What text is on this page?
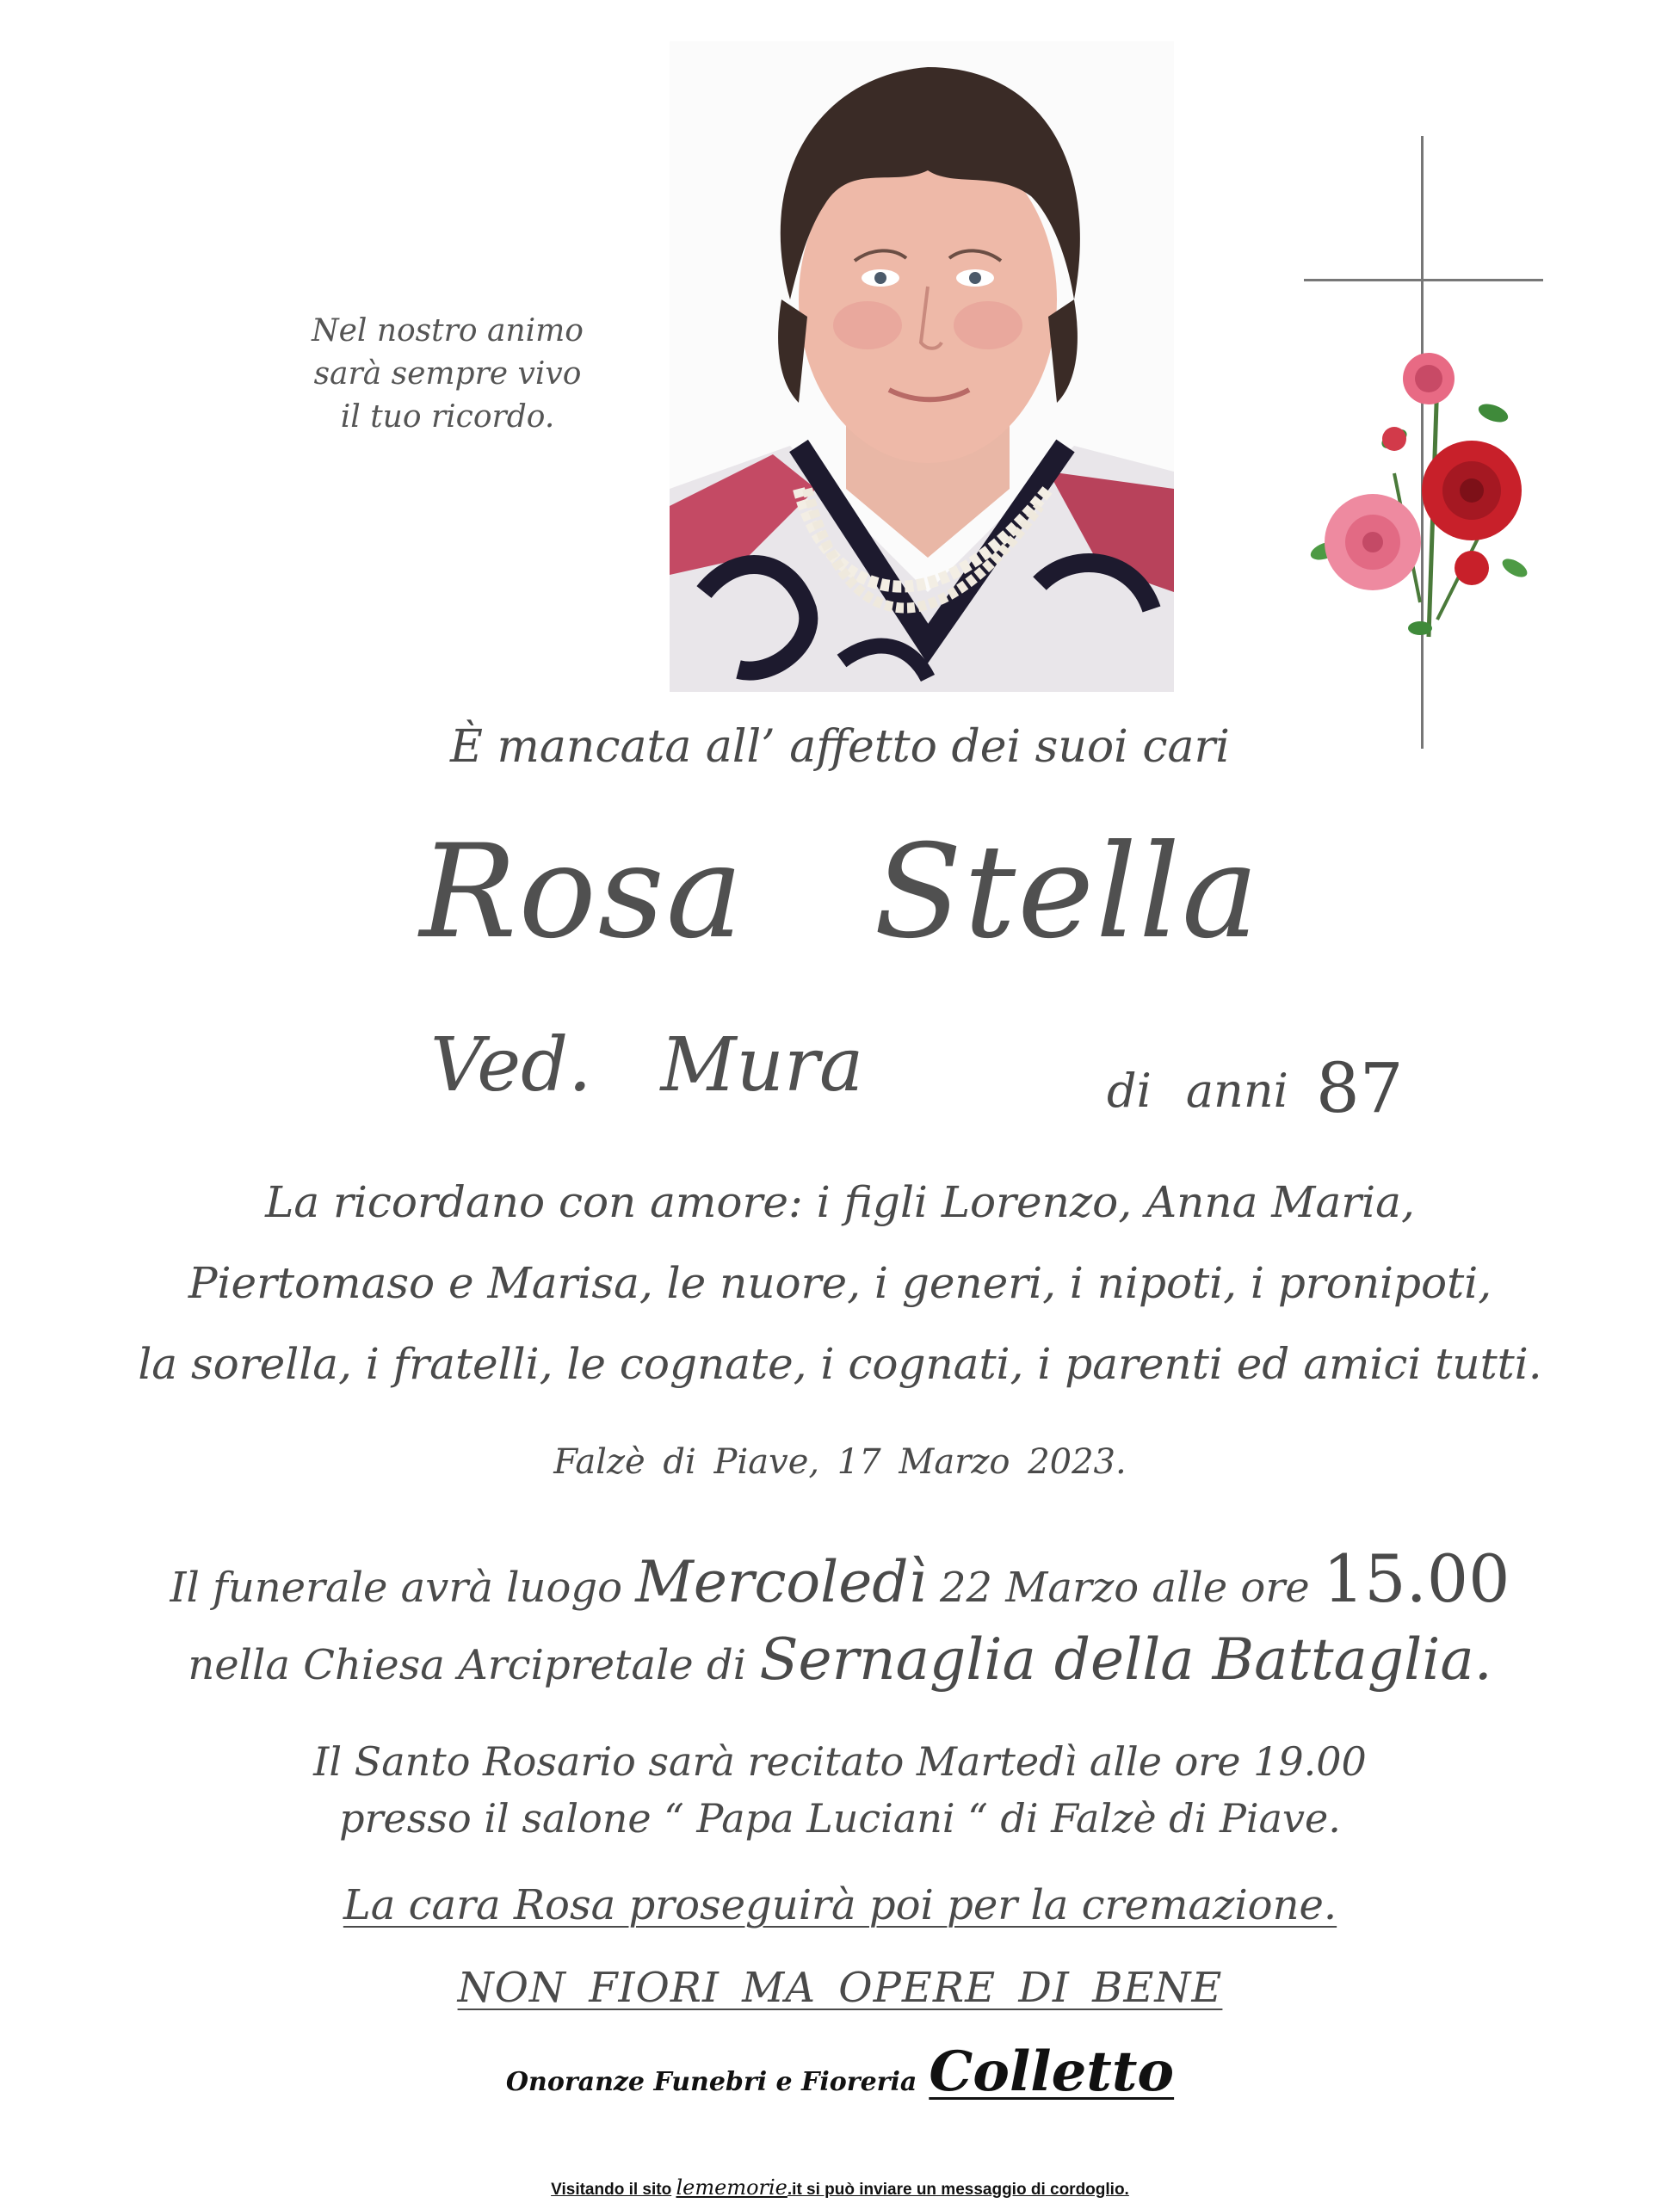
Nel nostro animo
sarà sempre vivo
il tuo ricordo.
È mancata all’ affetto dei suoi cari
Rosa Stella
Ved. Mura	di anni 87
La ricordano con amore: i figli Lorenzo, Anna Maria,
Piertomaso e Marisa, le nuore, i generi, i nipoti, i pronipoti,
la sorella, i fratelli, le cognate, i cognati, i parenti ed amici tutti.
Falzè di Piave, 17 Marzo 2023.
Il funerale avrà luogo Mercoledì 22 Marzo alle ore 15.00
nella Chiesa Arcipretale di Sernaglia della Battaglia.
Il Santo Rosario sarà recitato Martedì alle ore 19.00
presso il salone “ Papa Luciani “ di Falzè di Piave.
La cara Rosa proseguirà poi per la cremazione.
NON FIORI MA OPERE DI BENE
Onoranze Funebri e Fioreria Colletto
Visitando il sito lememorie.it si può inviare un messaggio di cordoglio.
